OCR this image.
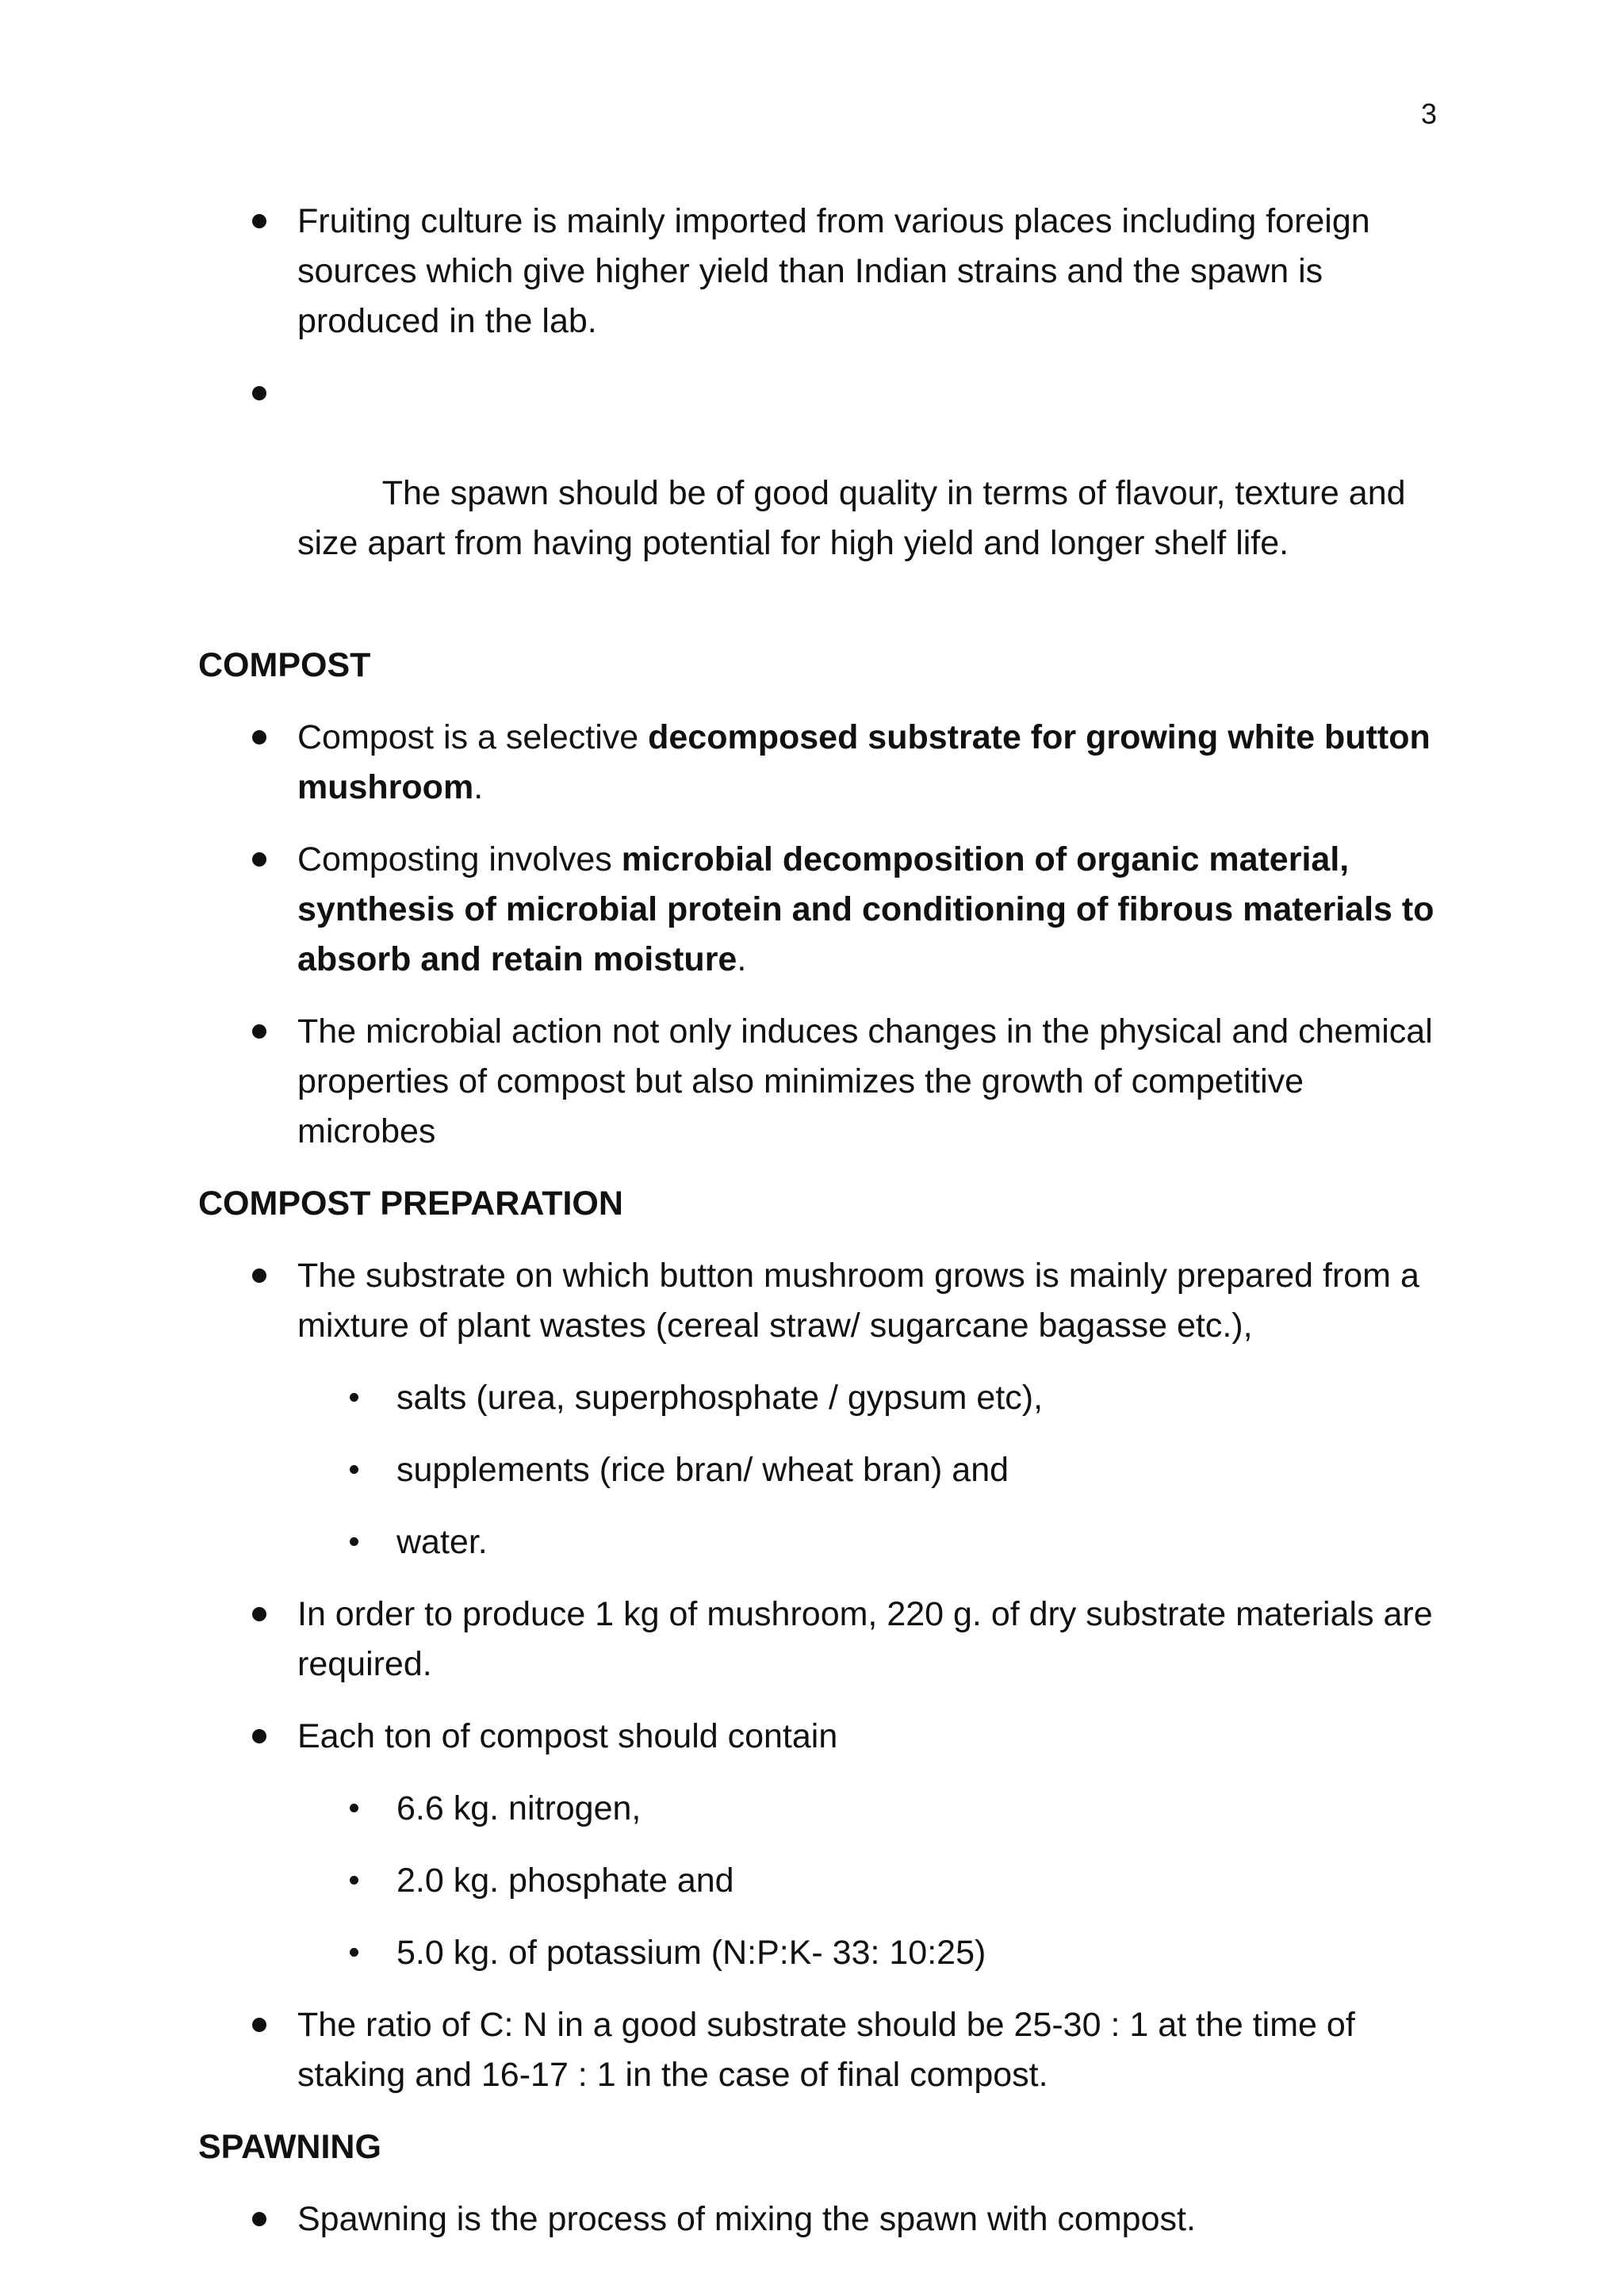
3
Fruiting culture is mainly imported from various places including foreign sources which give higher yield than Indian strains and the spawn is produced in the lab.

The spawn should be of good quality in terms of flavour, texture and size apart from having potential for high yield and longer shelf life.

COMPOST
Compost is a selective decomposed substrate for growing white button mushroom.
Composting involves microbial decomposition of organic material, synthesis of microbial protein and conditioning of fibrous materials to absorb and retain moisture.
The microbial action not only induces changes in the physical and chemical properties of compost but also minimizes the growth of competitive microbes
COMPOST PREPARATION
The substrate on which button mushroom grows is mainly prepared from a mixture of plant wastes (cereal straw/ sugarcane bagasse etc.),
salts (urea, superphosphate / gypsum etc),
supplements (rice bran/ wheat bran) and
water.
In order to produce 1 kg of mushroom, 220 g. of dry substrate materials are required.
Each ton of compost should contain
6.6 kg. nitrogen,
2.0 kg. phosphate and
5.0 kg. of potassium (N:P:K- 33: 10:25)
The ratio of C: N in a good substrate should be 25-30 : 1 at the time of staking and 16-17 : 1 in the case of final compost.
SPAWNING
Spawning is the process of mixing the spawn with compost.
